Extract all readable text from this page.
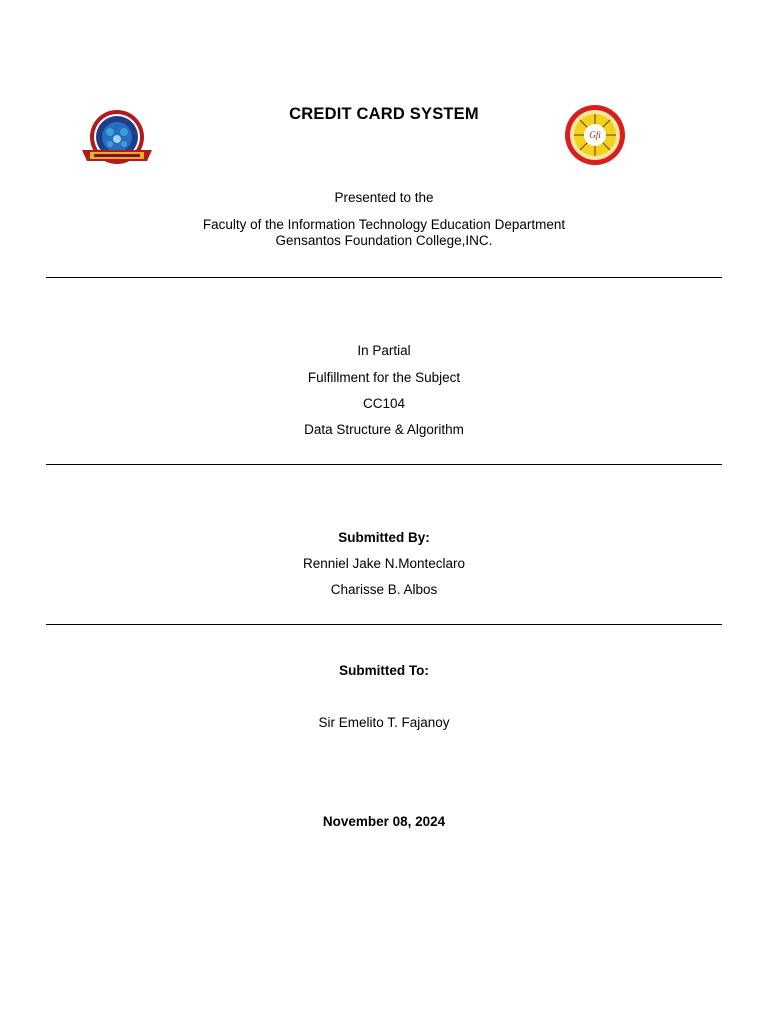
Gfi
CREDIT CARD SYSTEM
Presented to the
Faculty of the Information Technology Education Department
Gensantos Foundation College,INC.
In Partial
Fulfillment for the Subject
CC104
Data Structure & Algorithm
Submitted By:
Renniel Jake N.Monteclaro
Charisse B. Albos
Submitted To:
Sir Emelito T. Fajanoy
November 08, 2024
